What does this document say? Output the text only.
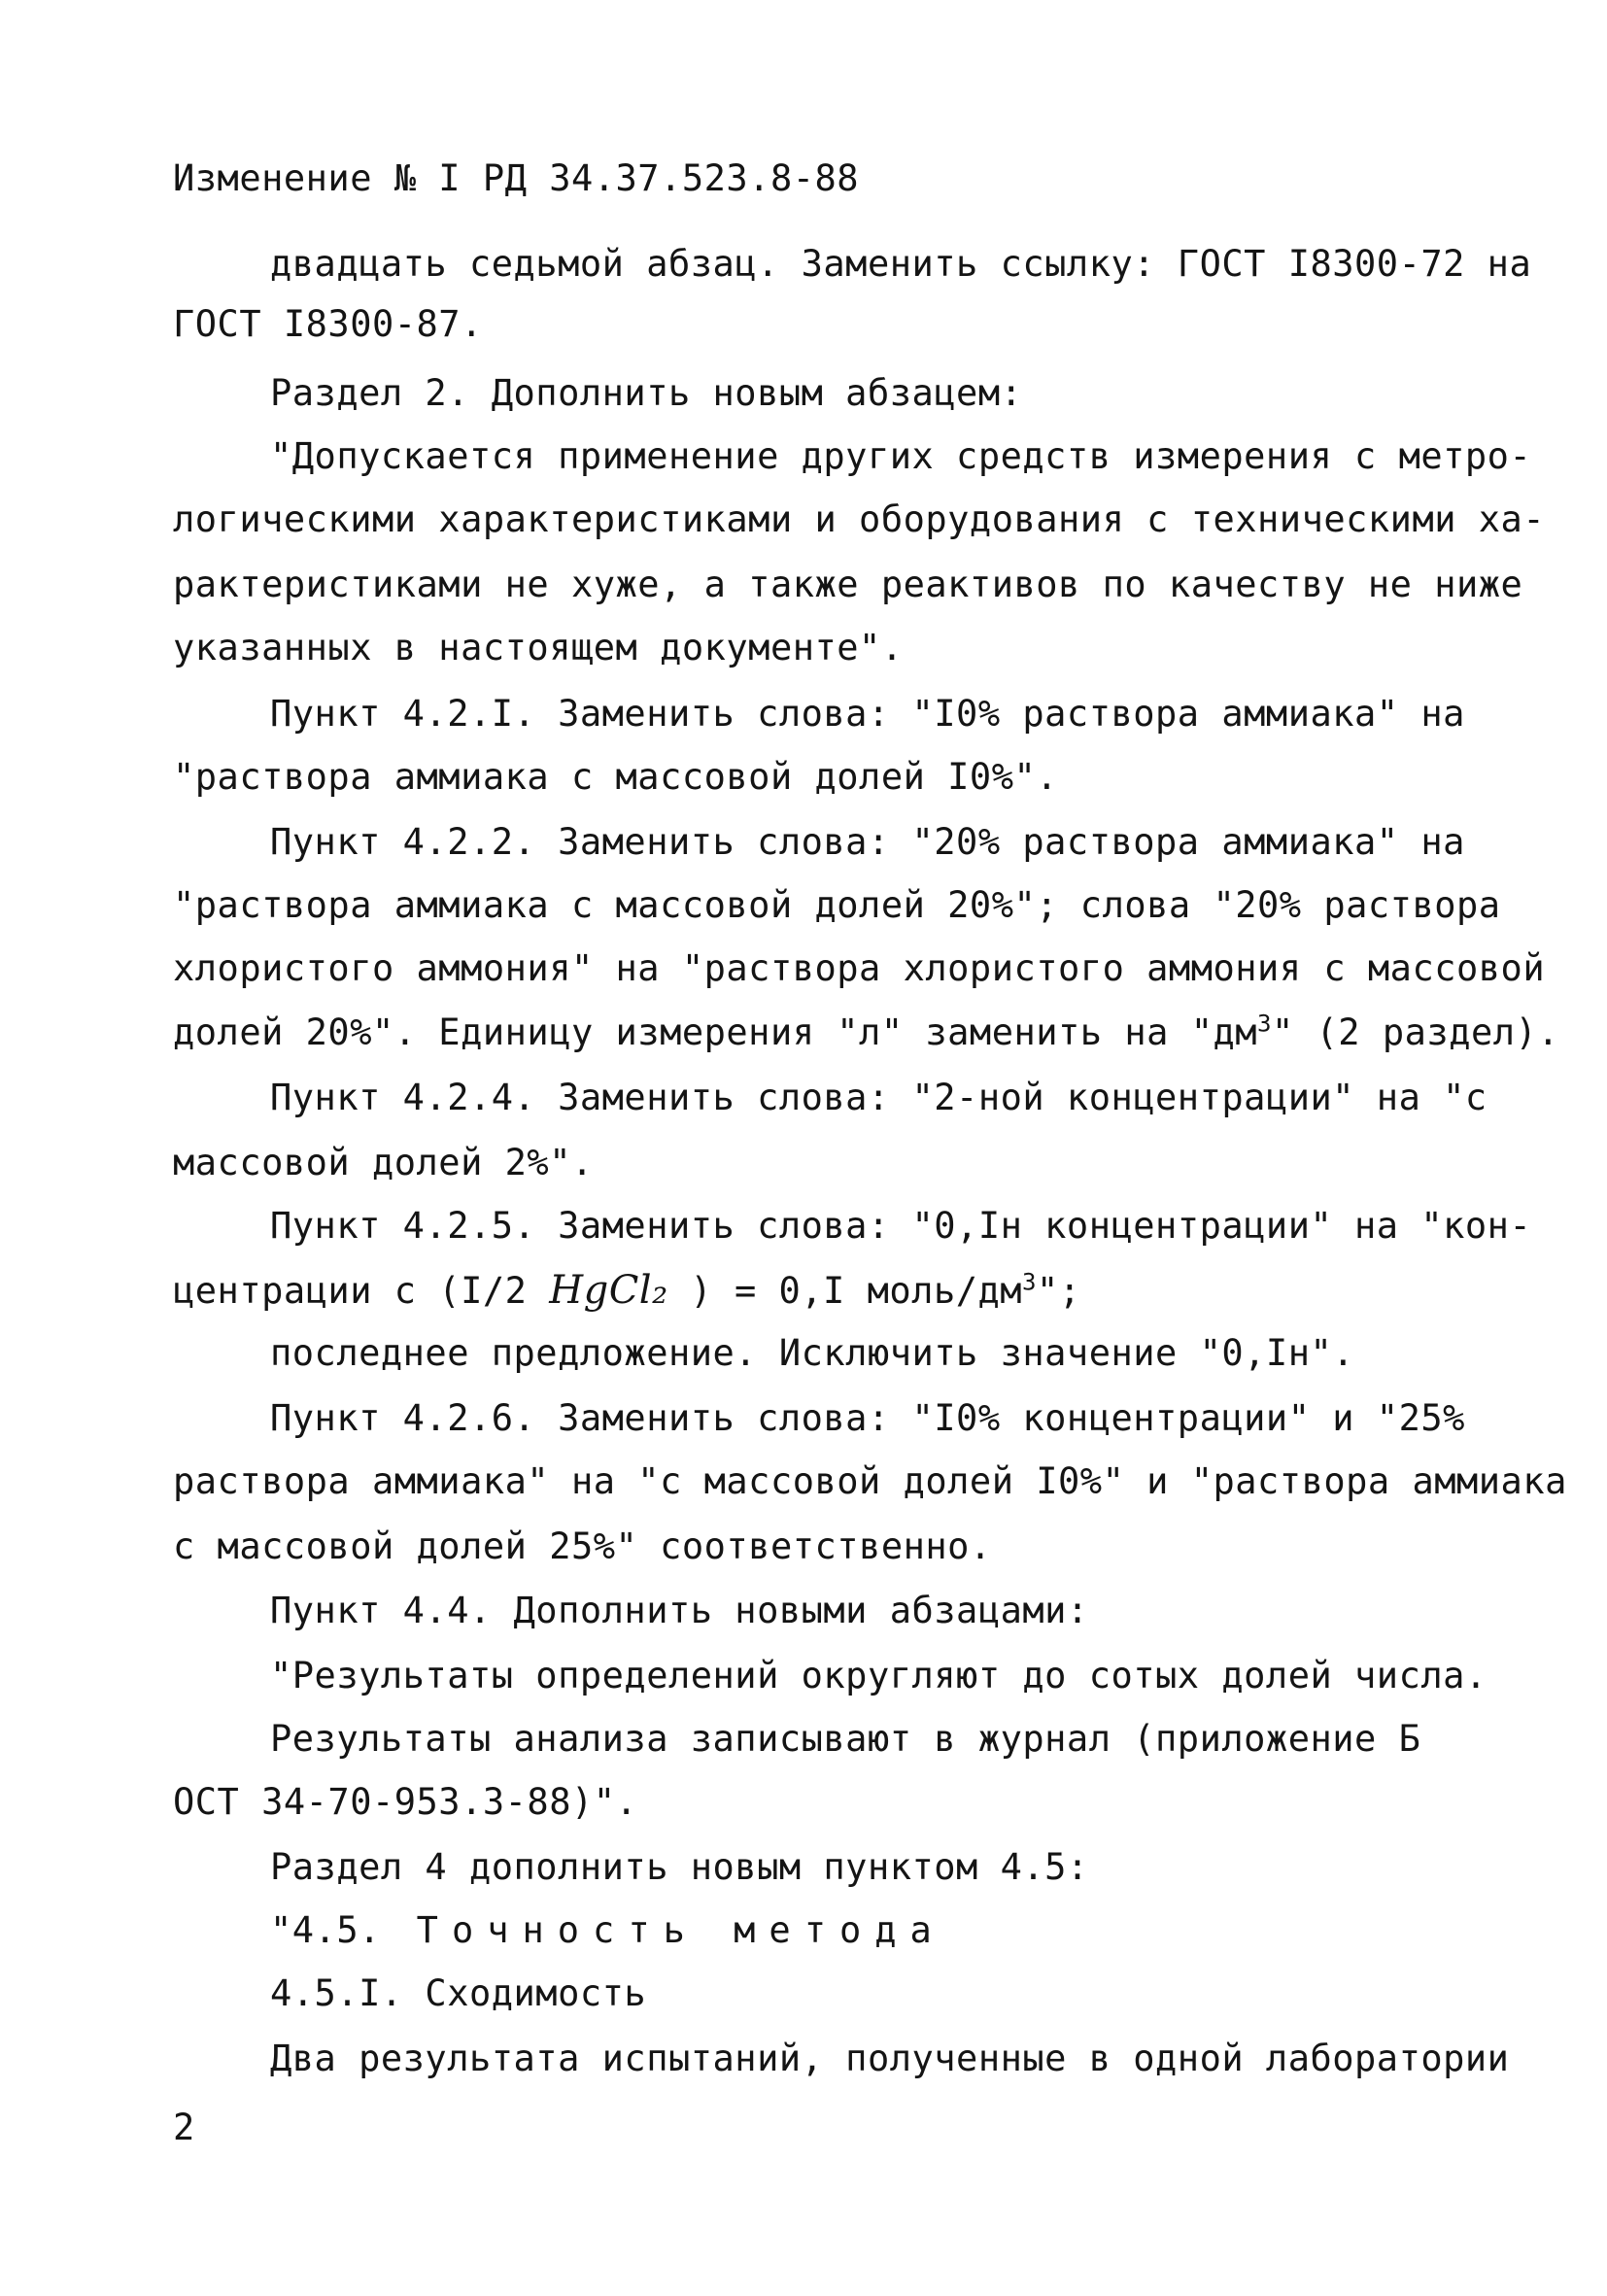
Изменение № I РД 34.37.523.8-88
двадцать седьмой абзац. Заменить ссылку: ГОСТ I8300-72 на
ГОСТ I8300-87.
Раздел 2. Дополнить новым абзацем:
"Допускается применение других средств измерения с метро-
логическими характеристиками и оборудования с техническими ха-
рактеристиками не хуже, а также реактивов по качеству не ниже
указанных в настоящем документе".
Пункт 4.2.I. Заменить слова: "I0% раствора аммиака" на
"раствора аммиака с массовой долей I0%".
Пункт 4.2.2. Заменить слова: "20% раствора аммиака" на
"раствора аммиака с массовой долей 20%"; слова "20% раствора
хлористого аммония" на "раствора хлористого аммония с массовой
долей 20%". Единицу измерения "л" заменить на "$дм^3$" (2 раздел).
Пункт 4.2.4. Заменить слова: "2-ной концентрации" на "с
массовой долей 2%".
Пункт 4.2.5. Заменить слова: "0,Iн концентрации" на "кон-
центрации с (I/2 HgCl₂ ) = 0,I моль/$дм^3$";
последнее предложение. Исключить значение "0,Iн".
Пункт 4.2.6. Заменить слова: "I0% концентрации" и "25%
раствора аммиака" на "с массовой долей I0%" и "раствора аммиака
с массовой долей 25%" соответственно.
Пункт 4.4. Дополнить новыми абзацами:
"Результаты определений округляют до сотых долей числа.
Результаты анализа записывают в журнал (приложение Б
ОСТ 34-70-953.3-88)".
Раздел 4 дополнить новым пунктом 4.5:
"4.5. Точность метода
4.5.I. Сходимость
Два результата испытаний, полученные в одной лаборатории
2
